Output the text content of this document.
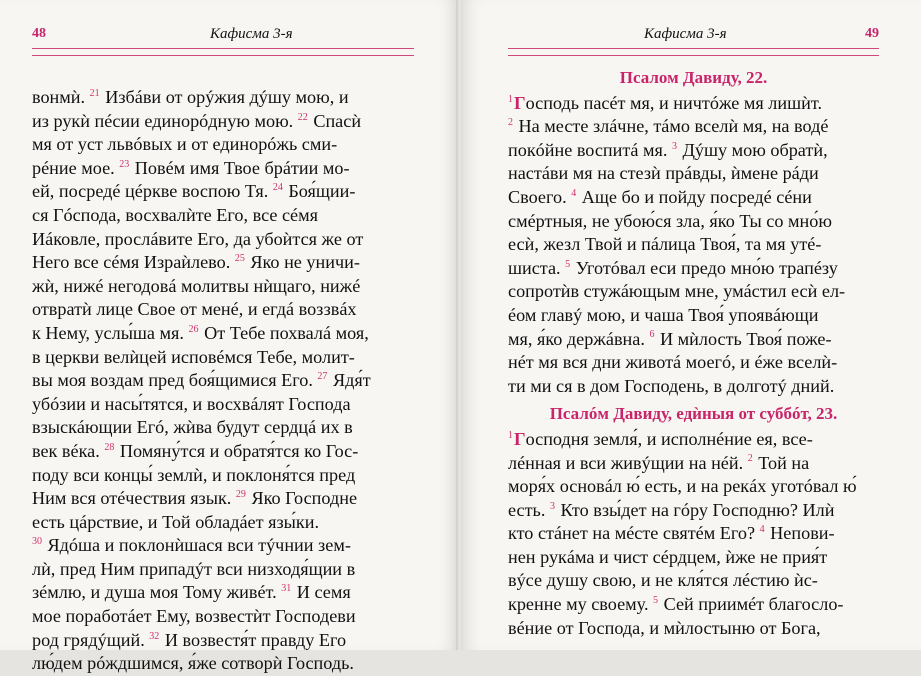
48	Кафисма 3-я
вонмѝ. $^{21}$ Избáви от орýжия дýшу мою, и
из рукѝ пéсии единорóдную мою. $^{22}$ Спасѝ
мя от уст львóвых и от единорóжь сми-
рéние мое. $^{23}$ Повéм имя Твое брáтии мо-
ей, посредé цéркве воспою Тя. $^{24}$ Боя́щии-
ся Гóспода, восхвалѝте Его, все сéмя
Иáковле, прослáвите Его, да убоѝтся же от
Него все сéмя Израѝлево. $^{25}$ Яко не уничи-
жѝ, нижé негодовá молитвы нѝщаго, нижé
отвратѝ лице Свое от менé, и егдá воззвáх
к Нему, услы́ша мя. $^{26}$ От Тебе похвалá моя,
в церкви велѝцей исповéмся Тебе, молит-
вы моя воздам пред боя́щимися Его. $^{27}$ Ядя́т
убóзии и насы́тятся, и восхвáлят Господа
взыскáющии Егó, жѝва будут сердцá их в
век вéка. $^{28}$ Помяну́тся и обратя́тся ко Гос-
поду вси концы́ землѝ, и поклоня́тся пред
Ним вся отéчествия язык. $^{29}$ Яко Господне
есть цáрствие, и Той обладáет язы́ки.
$^{30}$ Ядóша и поклонѝшася вси тýчнии зем-
лѝ, пред Ним припадýт вси низходя́щии в
зéмлю, и душа моя Тому живéт. $^{31}$ И семя
мое поработáет Ему, возвестѝт Господеви
род грядýщий. $^{32}$ И возвестя́т правду Его
лю́дем рóждшимся, я́же сотворѝ Господь.
Кафисма 3-я	49
Псалом Давиду, 22.
$^1$Господь пасéт мя, и ничтóже мя лишѝт.
$^2$ На месте злáчне, тáмо вселѝ мя, на водé
покóйне воспитá мя. $^3$ Дýшу мою обратѝ,
настáви мя на стезѝ прáвды, ѝмене рáди
Своего. $^4$ Аще бо и пойду посредé сéни
смéртныя, не убою́ся зла, я́ко Ты со мно́ю
есѝ, жезл Твой и пáлица Твоя́, та мя утé-
шиста. $^5$ Уготóвал еси предо мно́ю трапéзу
сопротѝв стужáющым мне, умáстил есѝ ел-
éом главý мою, и чаша Твоя́ упоявáющи
мя, я́ко держáвна. $^6$ И мѝлость Твоя́ поже-
нéт мя вся дни животá моегó, и éже вселѝ-
ти ми ся в дом Господень, в долготý дний.
Псалóм Давиду, едѝныя от суббóт, 23.
$^1$Господня земля́, и исполнéние ея, все-
лéнная и вси живýщии на нéй. $^2$ Той на
моря́х основáл ю́ есть, и на рекáх уготóвал ю́
есть. $^3$ Кто взы́дет на гóру Господню? Илѝ
кто стáнет на мéсте святéм Его? $^4$ Непови-
нен рукáма и чист сéрдцем, ѝже не прия́т
вýсе душу свою, и не кля́тся лéстию ѝс-
кренне му своему. $^5$ Сей приимéт благосло-
вéние от Господа, и мѝлостыню от Бога,
